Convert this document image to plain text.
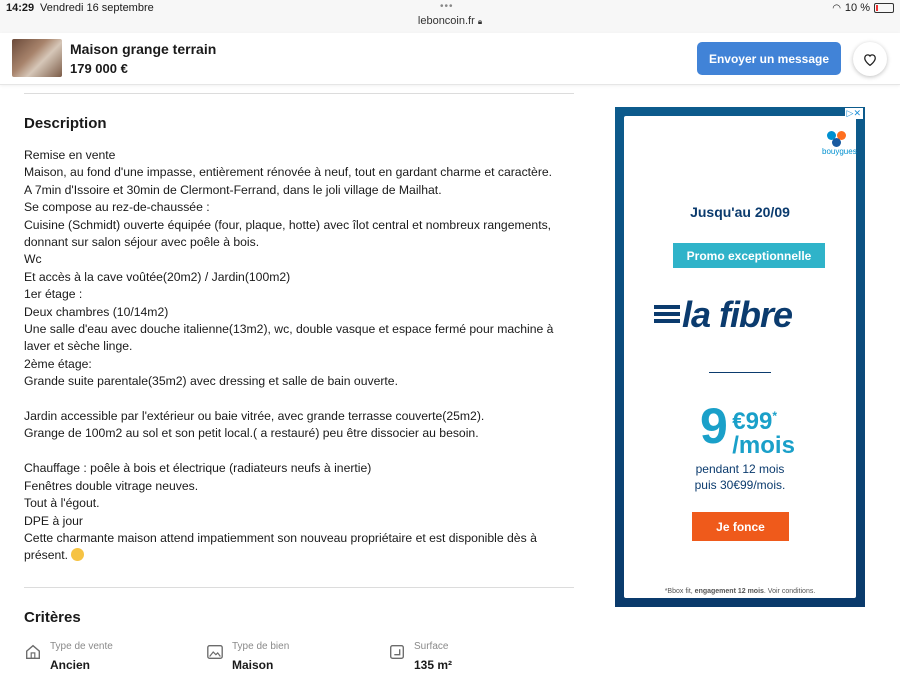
14:29 Vendredi 16 septembre	•••
leboncoin.fr 🔒︎
◠ 10 %
Maison grange terrain
179 000 €
Envoyer un message
Description
Remise en vente
Maison, au fond d'une impasse, entièrement rénovée à neuf, tout en gardant charme et caractère.
A 7min d'Issoire et 30min de Clermont-Ferrand, dans le joli village de Mailhat.
Se compose au rez-de-chaussée :
Cuisine (Schmidt) ouverte équipée (four, plaque, hotte) avec îlot central et nombreux rangements,
donnant sur salon séjour avec poêle à bois.
Wc
Et accès à la cave voûtée(20m2) / Jardin(100m2)
1er étage :
Deux chambres (10/14m2)
Une salle d'eau avec douche italienne(13m2), wc, double vasque et espace fermé pour machine à
laver et sèche linge.
2ème étage:
Grande suite parentale(35m2) avec dressing et salle de bain ouverte.
Jardin accessible par l'extérieur ou baie vitrée, avec grande terrasse couverte(25m2).
Grange de 100m2 au sol et son petit local.( a restauré) peu être dissocier au besoin.
Chauffage : poêle à bois et électrique (radiateurs neufs à inertie)
Fenêtres double vitrage neuves.
Tout à l'égout.
DPE à jour
Cette charmante maison attend impatiemment son nouveau propriétaire et est disponible dès à
présent.
Critères
Type de vente
Ancien
Type de bien
Maison
Surface
135 m²
bouygues
Jusqu'au 20/09
Promo exceptionnelle
la fibre
9 €99*
/mois
pendant 12 mois
puis 30€99/mois.
Je fonce
*Bbox fit, engagement 12 mois. Voir conditions.
▷✕
